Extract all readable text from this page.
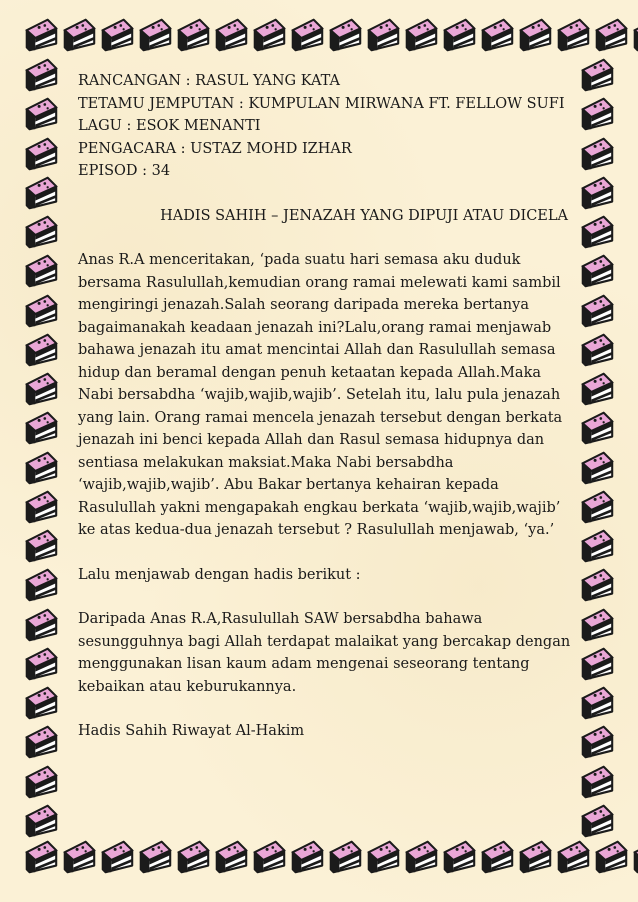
RANCANGAN : RASUL YANG KATA
TETAMU JEMPUTAN : KUMPULAN MIRWANA FT. FELLOW SUFI
LAGU : ESOK MENANTI
PENGACARA : USTAZ MOHD IZHAR
EPISOD : 34
HADIS SAHIH – JENAZAH YANG DIPUJI ATAU DICELA
Anas R.A menceritakan, ‘pada suatu hari semasa aku duduk
bersama Rasulullah,kemudian orang ramai melewati kami sambil
mengiringi jenazah.Salah seorang daripada mereka bertanya
bagaimanakah keadaan jenazah ini?Lalu,orang ramai menjawab
bahawa jenazah itu amat mencintai Allah dan Rasulullah semasa
hidup dan beramal dengan penuh ketaatan kepada Allah.Maka
Nabi bersabdha ‘wajib,wajib,wajib’. Setelah itu, lalu pula jenazah
yang lain. Orang ramai mencela jenazah tersebut dengan berkata
jenazah ini benci kepada Allah dan Rasul semasa hidupnya dan
sentiasa melakukan maksiat.Maka Nabi bersabdha
‘wajib,wajib,wajib’. Abu Bakar bertanya kehairan kepada
Rasulullah yakni mengapakah engkau berkata ‘wajib,wajib,wajib’
ke atas kedua-dua jenazah tersebut ? Rasulullah menjawab, ‘ya.’
Lalu menjawab dengan hadis berikut :
Daripada Anas R.A,Rasulullah SAW bersabdha bahawa
sesungguhnya bagi Allah terdapat malaikat yang bercakap dengan
menggunakan lisan kaum adam mengenai seseorang tentang
kebaikan atau keburukannya.
Hadis Sahih Riwayat Al-Hakim
